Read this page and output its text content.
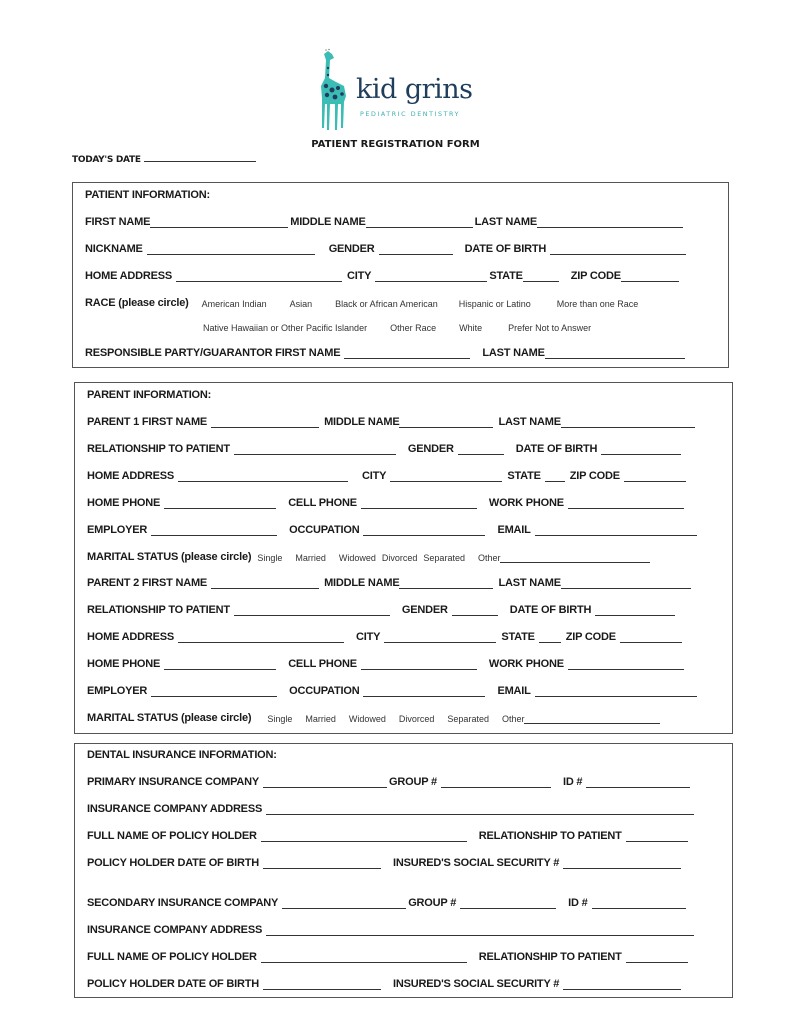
kid grins
PEDIATRIC DENTISTRY
PATIENT REGISTRATION FORM
TODAY'S DATE
PATIENT INFORMATION:
FIRST NAME	MIDDLE NAME	LAST NAME
NICKNAME	GENDER	DATE OF BIRTH
HOME ADDRESS	CITY	STATE	ZIP CODE
RACE (please circle) American Indian	Asian	Black or African American Hispanic or Latino	More than one Race
Native Hawaiian or Other Pacific Islander	Other Race	White	Prefer Not to Answer
RESPONSIBLE PARTY/GUARANTOR FIRST NAME	LAST NAME
PARENT INFORMATION:
PARENT 1 FIRST NAME	MIDDLE NAME	LAST NAME
RELATIONSHIP TO PATIENT	GENDER	DATE OF BIRTH
HOME ADDRESS	CITY	STATE	ZIP CODE
HOME PHONE	CELL PHONE	WORK PHONE
EMPLOYER	OCCUPATION	EMAIL
MARITAL STATUS (please circle) Single Married Widowed Divorced Separated Other
PARENT 2 FIRST NAME	MIDDLE NAME	LAST NAME
RELATIONSHIP TO PATIENT	GENDER	DATE OF BIRTH
HOME ADDRESS	CITY	STATE	ZIP CODE
HOME PHONE	CELL PHONE	WORK PHONE
EMPLOYER	OCCUPATION	EMAIL
MARITAL STATUS (please circle) Single Married Widowed Divorced Separated Other
DENTAL INSURANCE INFORMATION:
PRIMARY INSURANCE COMPANY	GROUP #	ID #
INSURANCE COMPANY ADDRESS
FULL NAME OF POLICY HOLDER	RELATIONSHIP TO PATIENT
POLICY HOLDER DATE OF BIRTH	INSURED'S SOCIAL SECURITY #
SECONDARY INSURANCE COMPANY	GROUP #	ID #
INSURANCE COMPANY ADDRESS
FULL NAME OF POLICY HOLDER	RELATIONSHIP TO PATIENT
POLICY HOLDER DATE OF BIRTH	INSURED'S SOCIAL SECURITY #
